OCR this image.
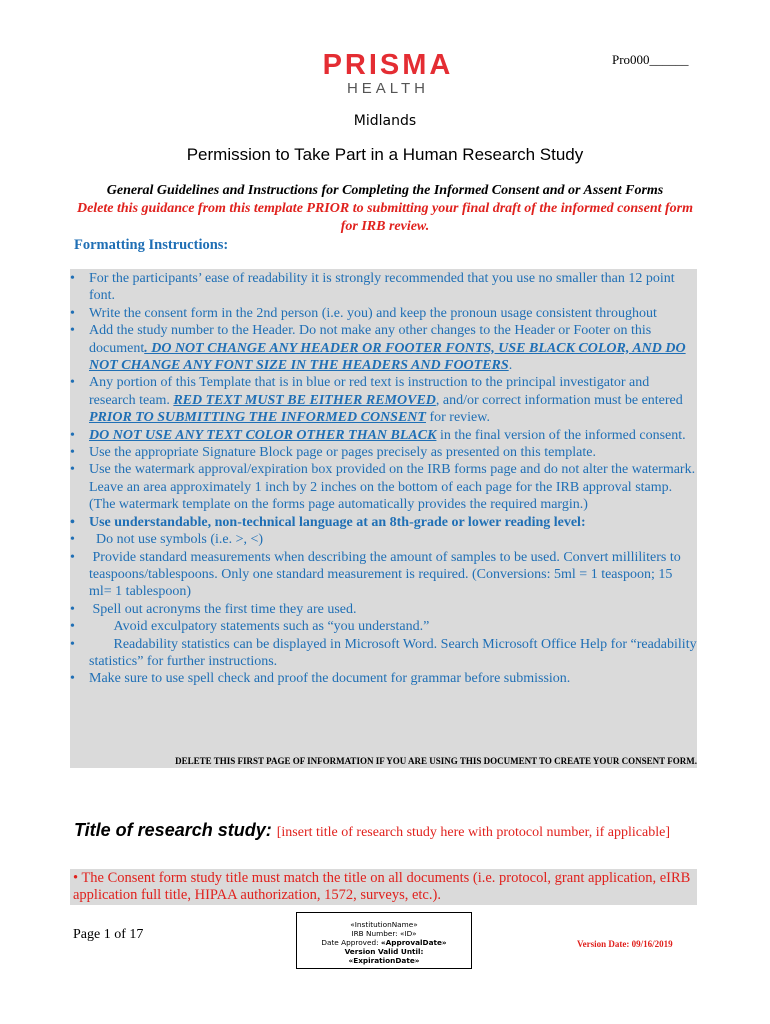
PRISMA
HEALTH
Pro000______
Midlands
Permission to Take Part in a Human Research Study
General Guidelines and Instructions for Completing the Informed Consent and or Assent Forms
Delete this guidance from this template PRIOR to submitting your final draft of the informed consent form for IRB review.
Formatting Instructions:
• For the participants’ ease of readability it is strongly recommended that you use no smaller than 12 point font.
• Write the consent form in the 2nd person (i.e. you) and keep the pronoun usage consistent throughout
• Add the study number to the Header. Do not make any other changes to the Header or Footer on this document. DO NOT CHANGE ANY HEADER OR FOOTER FONTS, USE BLACK COLOR, AND DO NOT CHANGE ANY FONT SIZE IN THE HEADERS AND FOOTERS.
• Any portion of this Template that is in blue or red text is instruction to the principal investigator and research team. RED TEXT MUST BE EITHER REMOVED, and/or correct information must be entered PRIOR TO SUBMITTING THE INFORMED CONSENT for review.
• DO NOT USE ANY TEXT COLOR OTHER THAN BLACK in the final version of the informed consent.
• Use the appropriate Signature Block page or pages precisely as presented on this template.
• Use the watermark approval/expiration box provided on the IRB forms page and do not alter the watermark. Leave an area approximately 1 inch by 2 inches on the bottom of each page for the IRB approval stamp. (The watermark template on the forms page automatically provides the required margin.)
• Use understandable, non-technical language at an 8th-grade or lower reading level:
• Do not use symbols (i.e. >, <)
• Provide standard measurements when describing the amount of samples to be used. Convert milliliters to teaspoons/tablespoons. Only one standard measurement is required. (Conversions: 5ml = 1 teaspoon; 15 ml= 1 tablespoon)
• Spell out acronyms the first time they are used.
• Avoid exculpatory statements such as “you understand.”
• Readability statistics can be displayed in Microsoft Word. Search Microsoft Office Help for “readability statistics” for further instructions.
• Make sure to use spell check and proof the document for grammar before submission.
DELETE THIS FIRST PAGE OF INFORMATION IF YOU ARE USING THIS DOCUMENT TO CREATE YOUR CONSENT FORM.
Title of research study: [insert title of research study here with protocol number, if applicable]
• The Consent form study title must match the title on all documents (i.e. protocol, grant application, eIRB application full title, HIPAA authorization, 1572, surveys, etc.).
Page 1 of 17
«InstitutionName»
IRB Number: «ID»
Date Approved: «ApprovalDate»
Version Valid Until:
«ExpirationDate»
Version Date: 09/16/2019
